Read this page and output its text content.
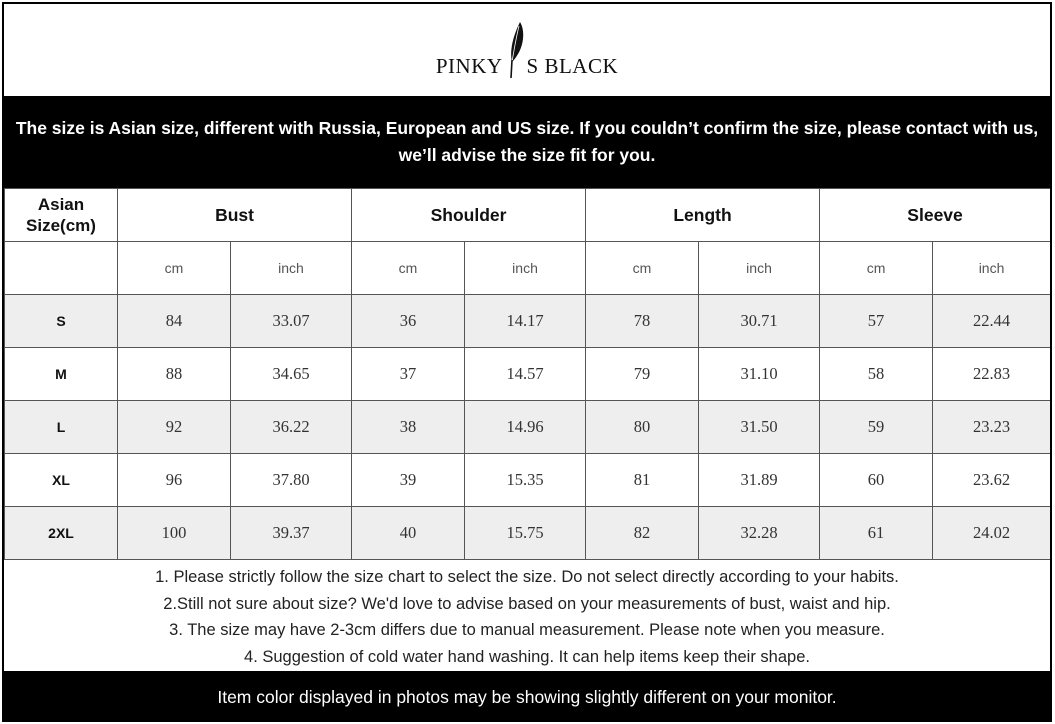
PINKY S BLACK
The size is Asian size, different with Russia, European and US size. If you couldn’t confirm the size, please contact with us,
we’ll advise the size fit for you.
Asian
Size(cm)	Bust		Shoulder		Length		Sleeve	
	cm	inch	cm	inch	cm	inch	cm	inch
S	84	33.07	36	14.17	78	30.71	57	22.44
M	88	34.65	37	14.57	79	31.10	58	22.83
L	92	36.22	38	14.96	80	31.50	59	23.23
XL	96	37.80	39	15.35	81	31.89	60	23.62
2XL	100	39.37	40	15.75	82	32.28	61	24.02
1. Please strictly follow the size chart to select the size. Do not select directly according to your habits.
2.Still not sure about size? We'd love to advise based on your measurements of bust, waist and hip.
3. The size may have 2-3cm differs due to manual measurement. Please note when you measure.
4. Suggestion of cold water hand washing. It can help items keep their shape.
Item color displayed in photos may be showing slightly different on your monitor.
